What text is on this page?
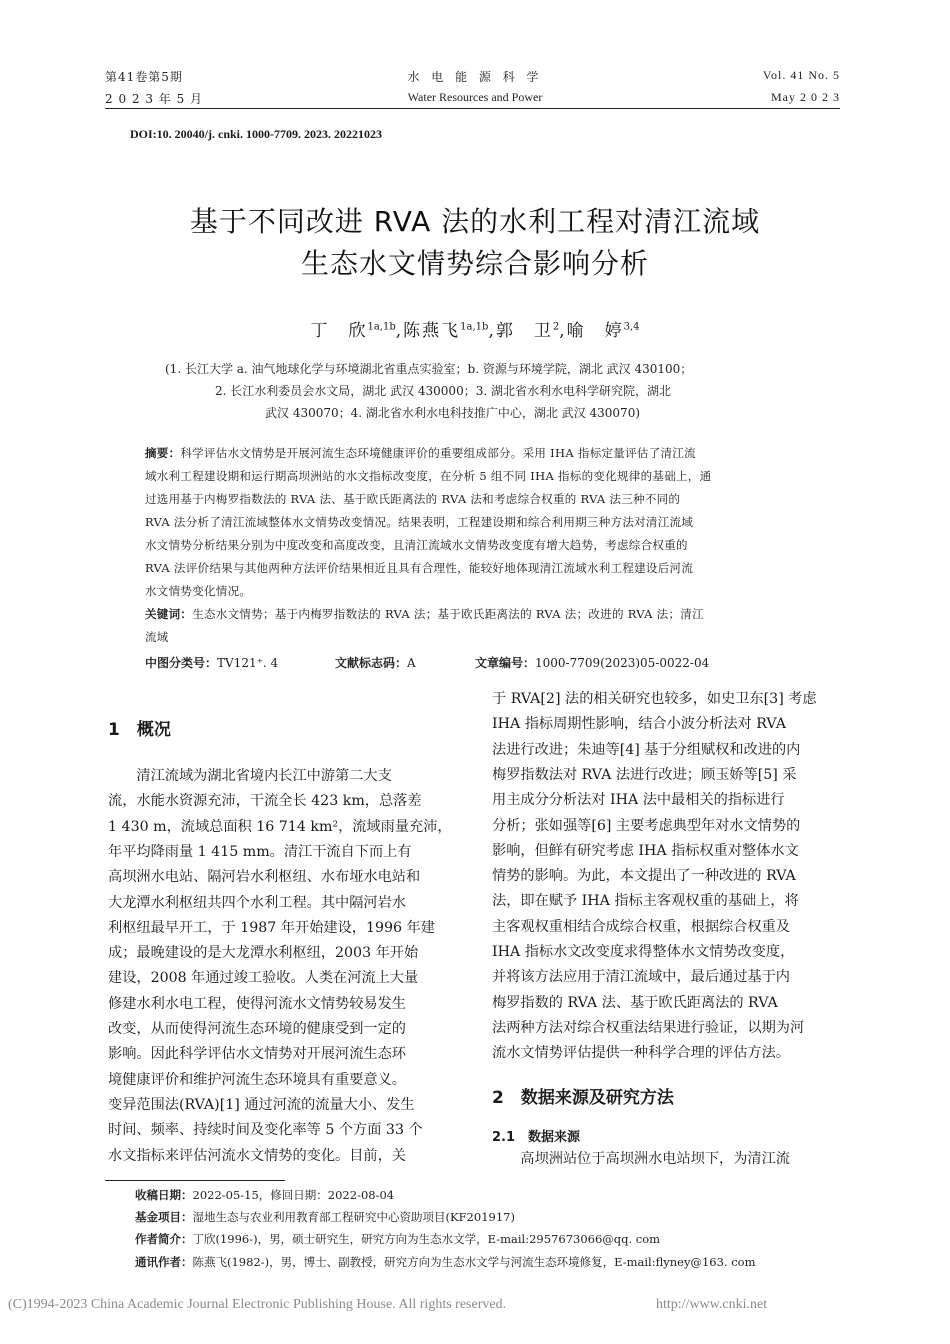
第41卷第5期
2 0 2 3 年 5 月
水 电 能 源 科 学
Water Resources and Power
Vol. 41 No. 5
May 2 0 2 3
DOI:10. 20040/j. cnki. 1000-7709. 2023. 20221023
基于不同改进 RVA 法的水利工程对清江流域
生态水文情势综合影响分析
丁　欣$^{1a,1b}$,陈燕飞$^{1a,1b}$,郭　卫$^2$,喻　婷$^{3,4}$
(1. 长江大学 a. 油气地球化学与环境湖北省重点实验室；b. 资源与环境学院，湖北 武汉 430100；
2. 长江水利委员会水文局，湖北 武汉 430000；3. 湖北省水利水电科学研究院，湖北
武汉 430070；4. 湖北省水利水电科技推广中心，湖北 武汉 430070)
摘要：科学评估水文情势是开展河流生态环境健康评价的重要组成部分。采用 IHA 指标定量评估了清江流
域水利工程建设期和运行期高坝洲站的水文指标改变度，在分析 5 组不同 IHA 指标的变化规律的基础上，通
过选用基于内梅罗指数法的 RVA 法、基于欧氏距离法的 RVA 法和考虑综合权重的 RVA 法三种不同的
RVA 法分析了清江流域整体水文情势改变情况。结果表明，工程建设期和综合利用期三种方法对清江流域
水文情势分析结果分别为中度改变和高度改变，且清江流域水文情势改变度有增大趋势，考虑综合权重的
RVA 法评价结果与其他两种方法评价结果相近且具有合理性，能较好地体现清江流域水利工程建设后河流
水文情势变化情况。
关键词：生态水文情势；基于内梅罗指数法的 RVA 法；基于欧氏距离法的 RVA 法；改进的 RVA 法；清江
流域
中图分类号：TV121⁺. 4	文献标志码：A	文章编号：1000-7709(2023)05-0022-04
1　概况
　　清江流域为湖北省境内长江中游第二大支
流，水能水资源充沛，干流全长 423 km，总落差
1 430 m，流域总面积 16 714 km²，流域雨量充沛，
年平均降雨量 1 415 mm。清江干流自下而上有
高坝洲水电站、隔河岩水利枢纽、水布垭水电站和
大龙潭水利枢纽共四个水利工程。其中隔河岩水
利枢纽最早开工，于 1987 年开始建设，1996 年建
成；最晚建设的是大龙潭水利枢纽，2003 年开始
建设，2008 年通过竣工验收。人类在河流上大量
修建水利水电工程，使得河流水文情势较易发生
改变，从而使得河流生态环境的健康受到一定的
影响。因此科学评估水文情势对开展河流生态环
境健康评价和维护河流生态环境具有重要意义。
变异范围法(RVA)[1] 通过河流的流量大小、发生
时间、频率、持续时间及变化率等 5 个方面 33 个
水文指标来评估河流水文情势的变化。目前，关
于 RVA[2] 法的相关研究也较多，如史卫东[3] 考虑
IHA 指标周期性影响，结合小波分析法对 RVA
法进行改进；朱迪等[4] 基于分组赋权和改进的内
梅罗指数法对 RVA 法进行改进；顾玉娇等[5] 采
用主成分分析法对 IHA 法中最相关的指标进行
分析；张如强等[6] 主要考虑典型年对水文情势的
影响，但鲜有研究考虑 IHA 指标权重对整体水文
情势的影响。为此，本文提出了一种改进的 RVA
法，即在赋予 IHA 指标主客观权重的基础上，将
主客观权重相结合成综合权重，根据综合权重及
IHA 指标水文改变度求得整体水文情势改变度，
并将该方法应用于清江流域中，最后通过基于内
梅罗指数的 RVA 法、基于欧氏距离法的 RVA
法两种方法对综合权重法结果进行验证，以期为河
流水文情势评估提供一种科学合理的评估方法。
2　数据来源及研究方法
2.1　数据来源
　　高坝洲站位于高坝洲水电站坝下，为清江流
收稿日期：2022-05-15，修回日期：2022-08-04
基金项目：湿地生态与农业利用教育部工程研究中心资助项目(KF201917)
作者简介：丁欣(1996-)，男，硕士研究生，研究方向为生态水文学，E-mail:2957673066@qq. com
通讯作者：陈燕飞(1982-)，男，博士、副教授，研究方向为生态水文学与河流生态环境修复，E-mail:flyney@163. com
(C)1994-2023 China Academic Journal Electronic Publishing House. All rights reserved.	http://www.cnki.net
